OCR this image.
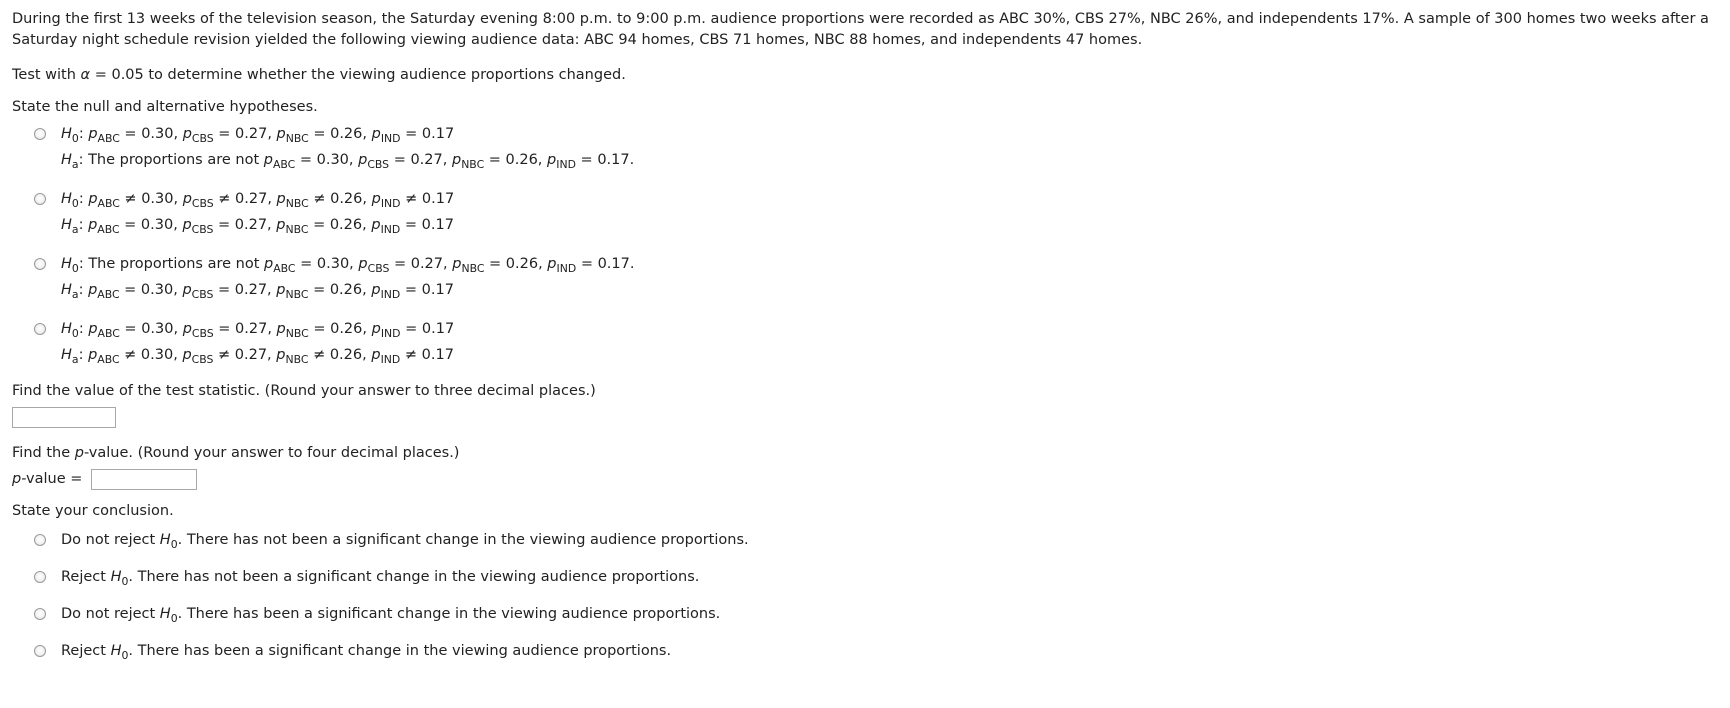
During the first 13 weeks of the television season, the Saturday evening 8:00 p.m. to 9:00 p.m. audience proportions were recorded as ABC 30%, CBS 27%, NBC 26%, and independents 17%. A sample of 300 homes two weeks after a
Saturday night schedule revision yielded the following viewing audience data: ABC 94 homes, CBS 71 homes, NBC 88 homes, and independents 47 homes.

Test with α = 0.05 to determine whether the viewing audience proportions changed.

State the null and alternative hypotheses.

$H_0$: $p_{ABC} = 0.30$, $p_{CBS} = 0.27$, $p_{NBC} = 0.26$, $p_{IND} = 0.17$
$H_a$: The proportions are not $p_{ABC} = 0.30$, $p_{CBS} = 0.27$, $p_{NBC} = 0.26$, $p_{IND} = 0.17$.
$H_0$: $p_{ABC} \ne 0.30$, $p_{CBS} \ne 0.27$, $p_{NBC} \ne 0.26$, $p_{IND} \ne 0.17$
$H_a$: $p_{ABC} = 0.30$, $p_{CBS} = 0.27$, $p_{NBC} = 0.26$, $p_{IND} = 0.17$
$H_0$: The proportions are not $p_{ABC} = 0.30$, $p_{CBS} = 0.27$, $p_{NBC} = 0.26$, $p_{IND} = 0.17$.
$H_a$: $p_{ABC} = 0.30$, $p_{CBS} = 0.27$, $p_{NBC} = 0.26$, $p_{IND} = 0.17$
$H_0$: $p_{ABC} = 0.30$, $p_{CBS} = 0.27$, $p_{NBC} = 0.26$, $p_{IND} = 0.17$
$H_a$: $p_{ABC} \ne 0.30$, $p_{CBS} \ne 0.27$, $p_{NBC} \ne 0.26$, $p_{IND} \ne 0.17$

Find the value of the test statistic. (Round your answer to three decimal places.)

Find the p-value. (Round your answer to four decimal places.)

p-value =

State your conclusion.

Do not reject $H_0$. There has not been a significant change in the viewing audience proportions.
Reject $H_0$. There has not been a significant change in the viewing audience proportions.
Do not reject $H_0$. There has been a significant change in the viewing audience proportions.
Reject $H_0$. There has been a significant change in the viewing audience proportions.
